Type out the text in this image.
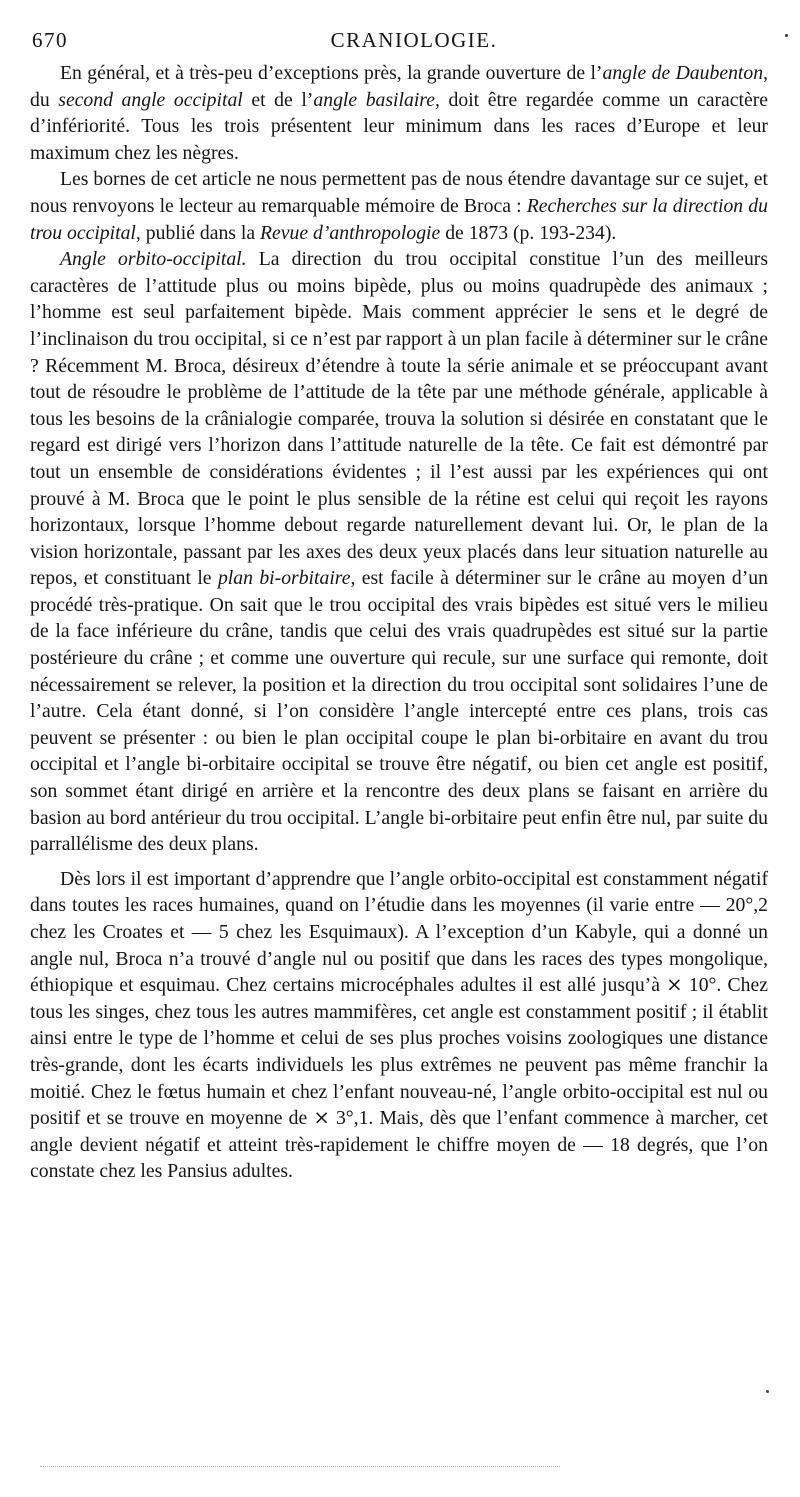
670	CRANIOLOGIE.

En général, et à très-peu d’exceptions près, la grande ouverture de l’angle de Daubenton, du second angle occipital et de l’angle basilaire, doit être regardée comme un caractère d’infériorité. Tous les trois présentent leur minimum dans les races d’Europe et leur maximum chez les nègres.

Les bornes de cet article ne nous permettent pas de nous étendre davantage sur ce sujet, et nous renvoyons le lecteur au remarquable mémoire de Broca : Recherches sur la direction du trou occipital, publié dans la Revue d’anthropologie de 1873 (p. 193-234).

Angle orbito-occipital. La direction du trou occipital constitue l’un des meilleurs caractères de l’attitude plus ou moins bipède, plus ou moins quadrupède des animaux ; l’homme est seul parfaitement bipède. Mais comment apprécier le sens et le degré de l’inclinaison du trou occipital, si ce n’est par rapport à un plan facile à déterminer sur le crâne ? Récemment M. Broca, désireux d’étendre à toute la série animale et se préoccupant avant tout de résoudre le problème de l’attitude de la tête par une méthode générale, applicable à tous les besoins de la crânialogie comparée, trouva la solution si désirée en constatant que le regard est dirigé vers l’horizon dans l’attitude naturelle de la tête. Ce fait est démontré par tout un ensemble de considérations évidentes ; il l’est aussi par les expériences qui ont prouvé à M. Broca que le point le plus sensible de la rétine est celui qui reçoit les rayons horizontaux, lorsque l’homme debout regarde naturellement devant lui. Or, le plan de la vision horizontale, passant par les axes des deux yeux placés dans leur situation naturelle au repos, et constituant le plan bi-orbitaire, est facile à déterminer sur le crâne au moyen d’un procédé très-pratique. On sait que le trou occipital des vrais bipèdes est situé vers le milieu de la face inférieure du crâne, tandis que celui des vrais quadrupèdes est situé sur la partie postérieure du crâne ; et comme une ouverture qui recule, sur une surface qui remonte, doit nécessairement se relever, la position et la direction du trou occipital sont solidaires l’une de l’autre. Cela étant donné, si l’on considère l’angle intercepté entre ces plans, trois cas peuvent se présenter : ou bien le plan occipital coupe le plan bi-orbitaire en avant du trou occipital et l’angle bi-orbitaire occipital se trouve être négatif, ou bien cet angle est positif, son sommet étant dirigé en arrière et la rencontre des deux plans se faisant en arrière du basion au bord antérieur du trou occipital. L’angle bi-orbitaire peut enfin être nul, par suite du parrallélisme des deux plans.

Dès lors il est important d’apprendre que l’angle orbito-occipital est constamment négatif dans toutes les races humaines, quand on l’étudie dans les moyennes (il varie entre — 20°,2 chez les Croates et — 5 chez les Esquimaux). A l’exception d’un Kabyle, qui a donné un angle nul, Broca n’a trouvé d’angle nul ou positif que dans les races des types mongolique, éthiopique et esquimau. Chez certains microcéphales adultes il est allé jusqu’à ⨯ 10°. Chez tous les singes, chez tous les autres mammifères, cet angle est constamment positif ; il établit ainsi entre le type de l’homme et celui de ses plus proches voisins zoologiques une distance très-grande, dont les écarts individuels les plus extrêmes ne peuvent pas même franchir la moitié. Chez le fœtus humain et chez l’enfant nouveau-né, l’angle orbito-occipital est nul ou positif et se trouve en moyenne de ⨯ 3°,1. Mais, dès que l’enfant commence à marcher, cet angle devient négatif et atteint très-rapidement le chiffre moyen de — 18 degrés, que l’on constate chez les Pansius adultes.
